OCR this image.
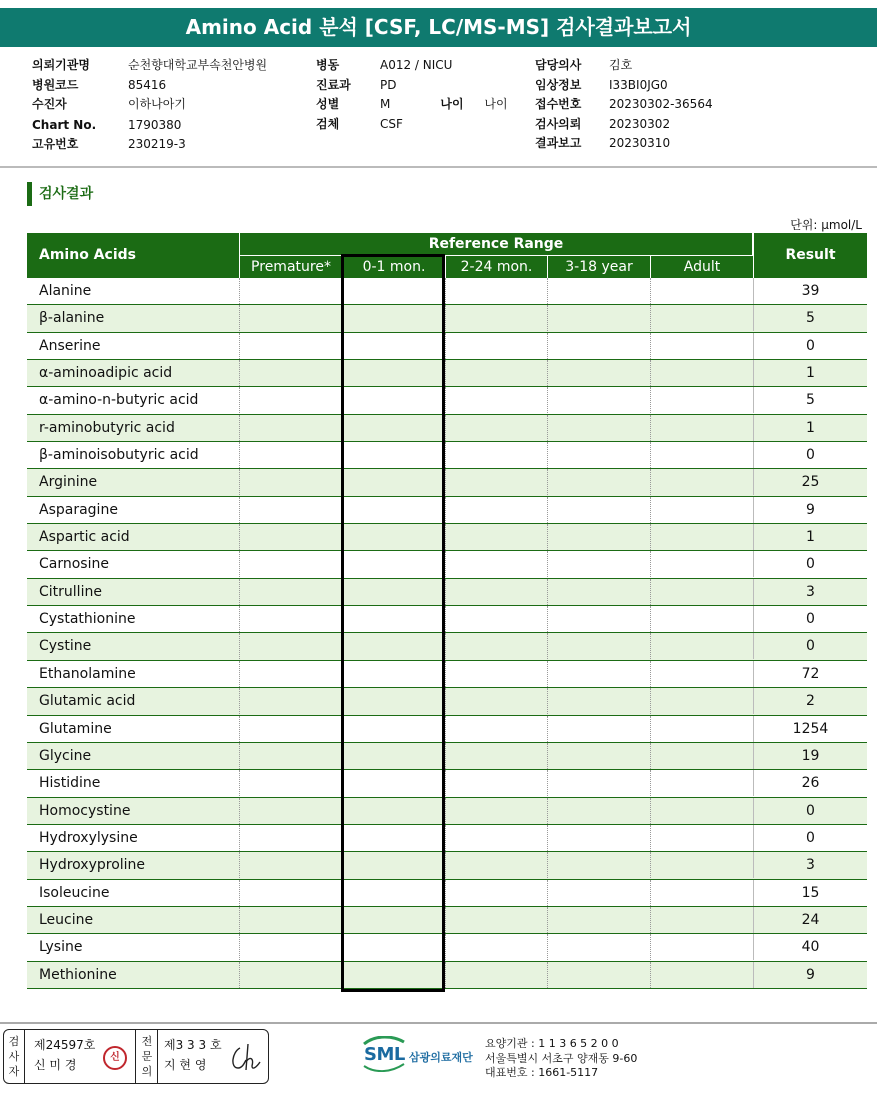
Amino Acid 분석 [CSF, LC/MS-MS] 검사결과보고서
의뢰기관명	순천향대학교부속천안병원
병원코드	85416
수진자	이하나아기
Chart No.	1790380
고유번호	230219-3
병동	A012 / NICU
진료과	PD
성별	M	나이	나이
검체	CSF
담당의사	김호
임상정보	I33BI0JG0
접수번호	20230302-36564
검사의뢰	20230302
결과보고	20230310
검사결과
단위: µmol/L
Amino Acids
Reference Range
Premature*	0-1 mon.	2-24 mon.	3-18 year	Adult
Result
Alanine	39
β-alanine	5
Anserine	0
α-aminoadipic acid	1
α-amino-n-butyric acid	5
r-aminobutyric acid	1
β-aminoisobutyric acid	0
Arginine	25
Asparagine	9
Aspartic acid	1
Carnosine	0
Citrulline	3
Cystathionine	0
Cystine	0
Ethanolamine	72
Glutamic acid	2
Glutamine	1254
Glycine	19
Histidine	26
Homocystine	0
Hydroxylysine	0
Hydroxyproline	3
Isoleucine	15
Leucine	24
Lysine	40
Methionine	9
검
사
자
제24597호
신 미 경
신
전
문
의
제3 3 3 호
지 현 영	SML 삼광의료재단
요양기관 : 1 1 3 6 5 2 0 0
서울특별시 서초구 양재동 9-60
대표번호 : 1661-5117
